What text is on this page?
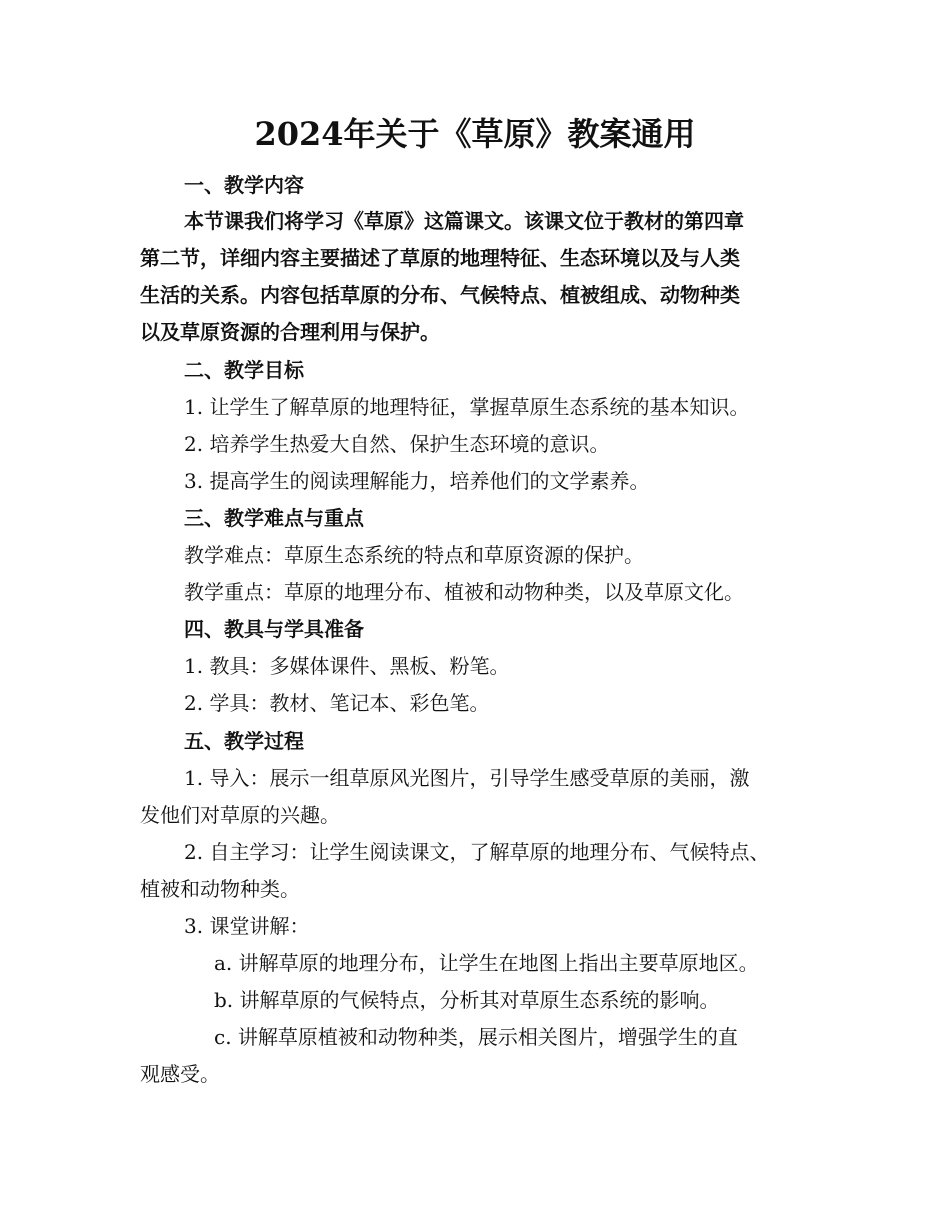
2024年关于《草原》教案通用
一、教学内容
本节课我们将学习《草原》这篇课文。该课文位于教材的第四章
第二节，详细内容主要描述了草原的地理特征、生态环境以及与人类
生活的关系。内容包括草原的分布、气候特点、植被组成、动物种类
以及草原资源的合理利用与保护。
二、教学目标
1. 让学生了解草原的地理特征，掌握草原生态系统的基本知识。
2. 培养学生热爱大自然、保护生态环境的意识。
3. 提高学生的阅读理解能力，培养他们的文学素养。
三、教学难点与重点
教学难点：草原生态系统的特点和草原资源的保护。
教学重点：草原的地理分布、植被和动物种类，以及草原文化。
四、教具与学具准备
1. 教具：多媒体课件、黑板、粉笔。
2. 学具：教材、笔记本、彩色笔。
五、教学过程
1. 导入：展示一组草原风光图片，引导学生感受草原的美丽，激
发他们对草原的兴趣。
2. 自主学习：让学生阅读课文，了解草原的地理分布、气候特点、
植被和动物种类。
3. 课堂讲解：
a. 讲解草原的地理分布，让学生在地图上指出主要草原地区。
b. 讲解草原的气候特点，分析其对草原生态系统的影响。
c. 讲解草原植被和动物种类，展示相关图片，增强学生的直
观感受。
